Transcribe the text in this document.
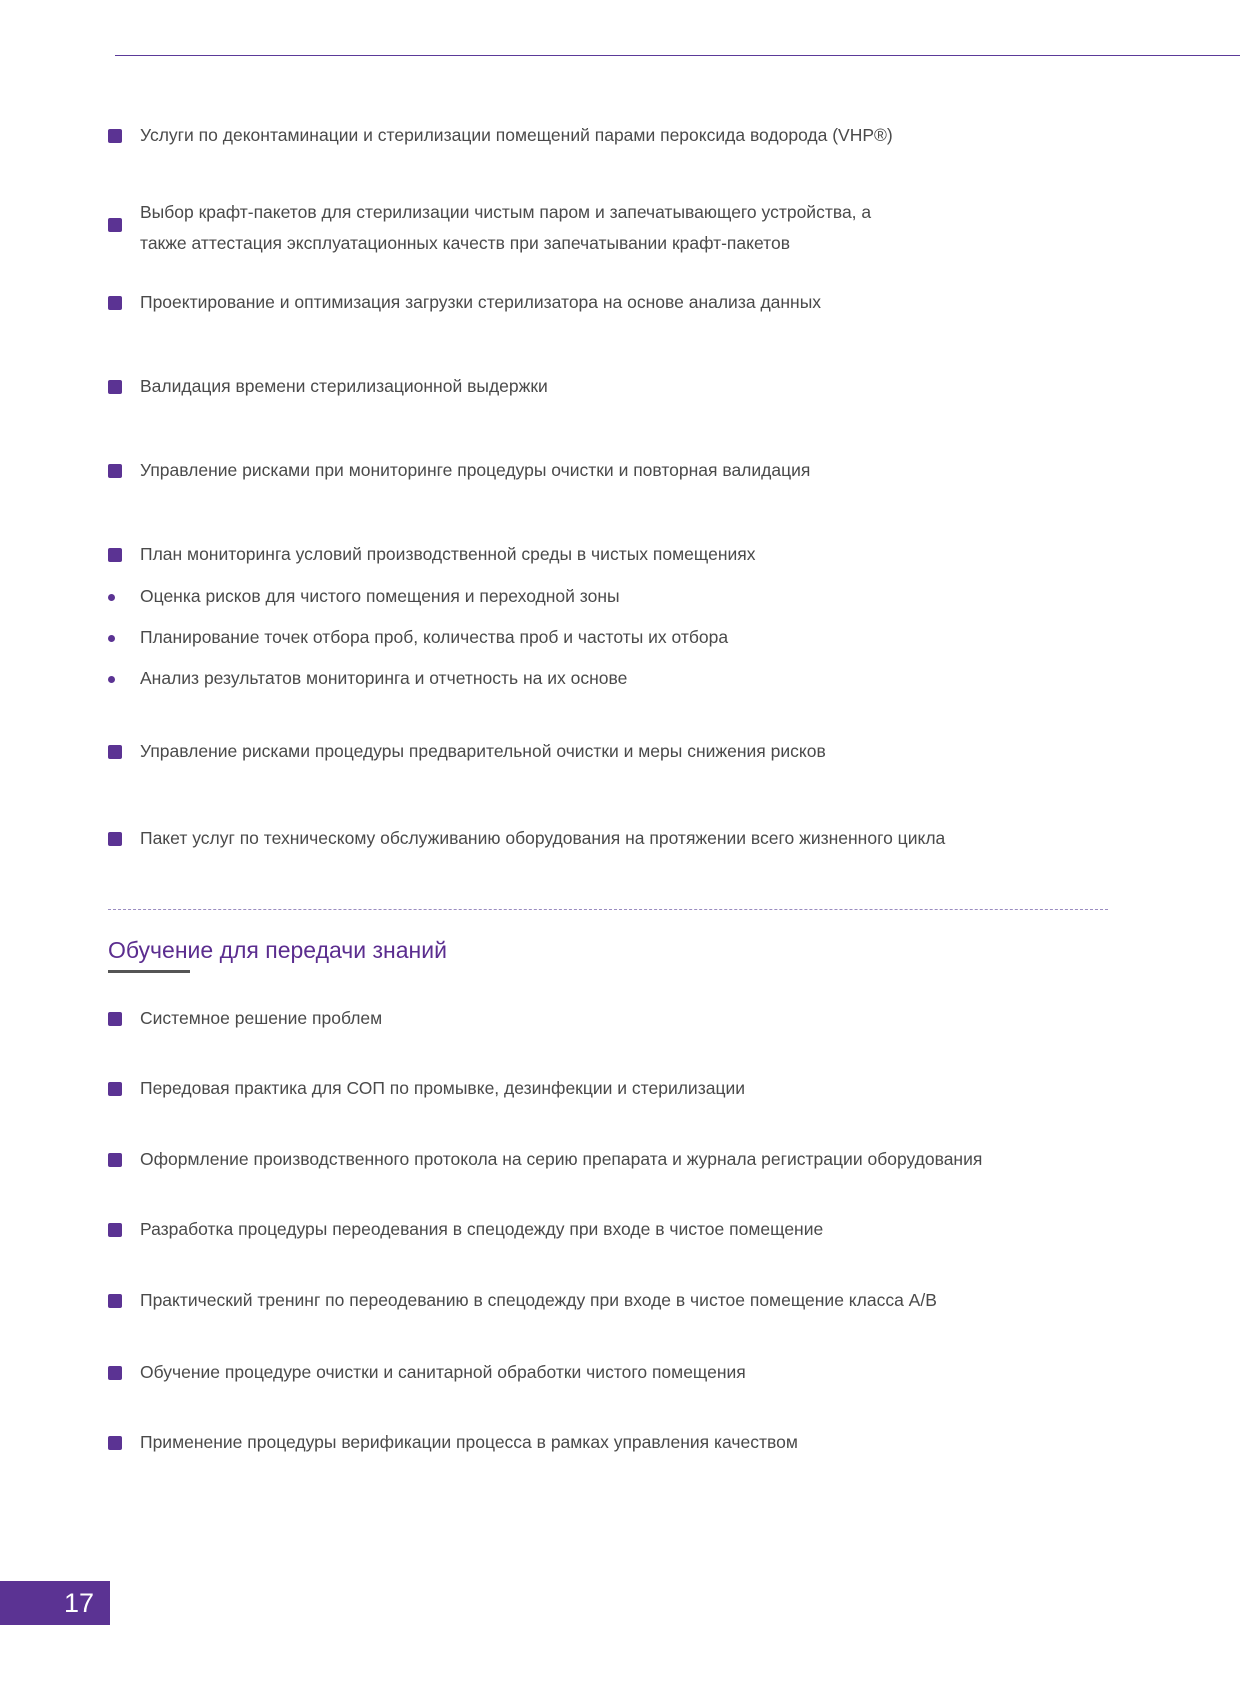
Услуги по деконтаминации и стерилизации помещений парами пероксида водорода (VHP®)
Выбор крафт-пакетов для стерилизации чистым паром и запечатывающего устройства, а также аттестация эксплуатационных качеств при запечатывании крафт-пакетов
Проектирование и оптимизация загрузки стерилизатора на основе анализа данных
Валидация времени стерилизационной выдержки
Управление рисками при мониторинге процедуры очистки и повторная валидация
План мониторинга условий производственной среды в чистых помещениях
Оценка рисков для чистого помещения и переходной зоны
Планирование точек отбора проб, количества проб и частоты их отбора
Анализ результатов мониторинга и отчетность на их основе
Управление рисками процедуры предварительной очистки и меры снижения рисков
Пакет услуг по техническому обслуживанию оборудования на протяжении всего жизненного цикла
Обучение для передачи знаний
Системное решение проблем
Передовая практика для СОП по промывке, дезинфекции и стерилизации
Оформление производственного протокола на серию препарата и журнала регистрации оборудования
Разработка процедуры переодевания в спецодежду при входе в чистое помещение
Практический тренинг по переодеванию в спецодежду при входе в чистое помещение класса A/B
Обучение процедуре очистки и санитарной обработки чистого помещения
Применение процедуры верификации процесса в рамках управления качеством
17
